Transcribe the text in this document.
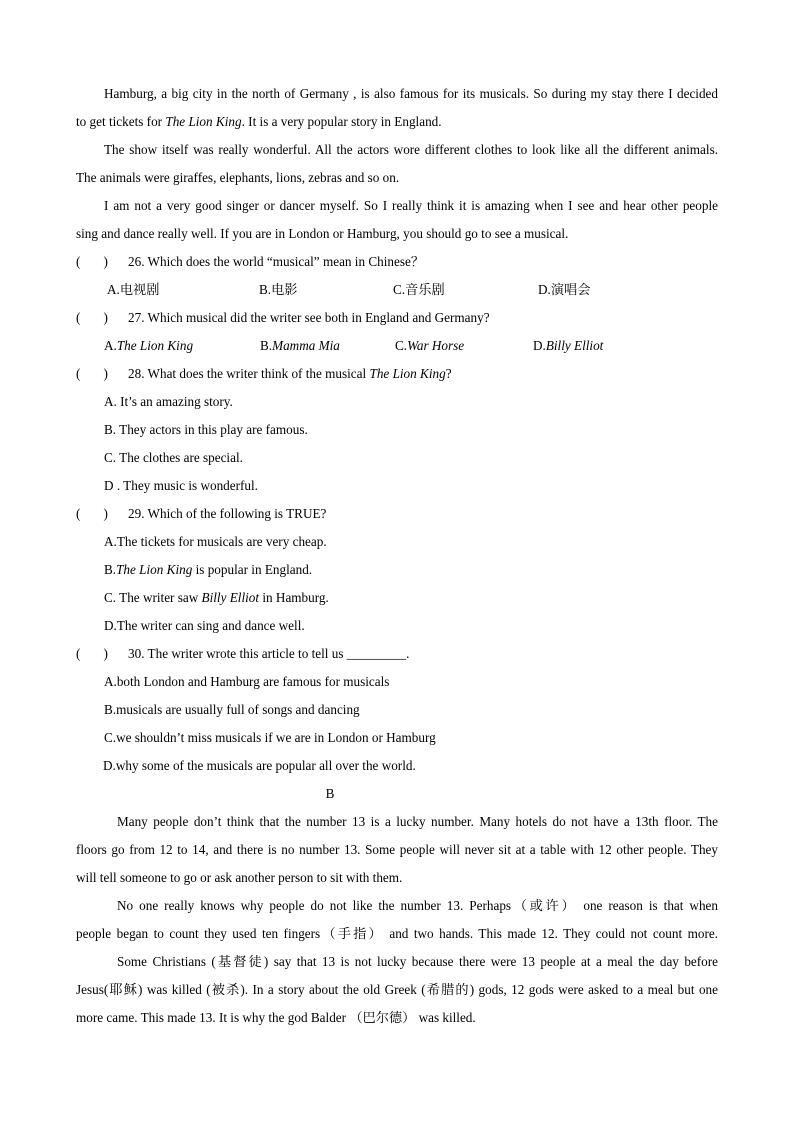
Hamburg, a big city in the north of Germany , is also famous for its musicals. So during my stay there I decided
to get tickets for The Lion King. It is a very popular story in England.
The show itself was really wonderful. All the actors wore different clothes to look like all the different animals.
The animals were giraffes, elephants, lions, zebras and so on.
I am not a very good singer or dancer myself. So I really think it is amazing when I see and hear other people
sing and dance really well. If you are in London or Hamburg, you should go to see a musical.
(       ) 26. Which does the world “musical” mean in Chinese？
A.电视剧	B.电影	C.音乐剧	D.演唱会
(       ) 27. Which musical did the writer see both in England and Germany?
A.The Lion King	B.Mamma Mia	C.War Horse	D.Billy Elliot
(       ) 28. What does the writer think of the musical The Lion King?
A. It’s an amazing story.
B. They actors in this play are famous.
C. The clothes are special.
D . They music is wonderful.
(       ) 29. Which of the following is TRUE?
A.The tickets for musicals are very cheap.
B.The Lion King is popular in England.
C. The writer saw Billy Elliot in Hamburg.
D.The writer can sing and dance well.
(       ) 30. The writer wrote this article to tell us _________.
A.both London and Hamburg are famous for musicals
B.musicals are usually full of songs and dancing
C.we shouldn’t miss musicals if we are in London or Hamburg
D.why some of the musicals are popular all over the world.
B
Many people don’t think that the number 13 is a lucky number. Many hotels do not have a 13th floor. The
floors go from 12 to 14, and there is no number 13. Some people will never sit at a table with 12 other people. They
will tell someone to go or ask another person to sit with them.
No one really knows why people do not like the number 13. Perhaps（或许） one reason is that when
people began to count they used ten fingers（手指） and two hands. This made 12. They could not count more.
Some Christians (基督徒) say that 13 is not lucky because there were 13 people at a meal the day before
Jesus(耶稣) was killed (被杀). In a story about the old Greek (希腊的) gods, 12 gods were asked to a meal but one
more came. This made 13. It is why the god Balder （巴尔德） was killed.
